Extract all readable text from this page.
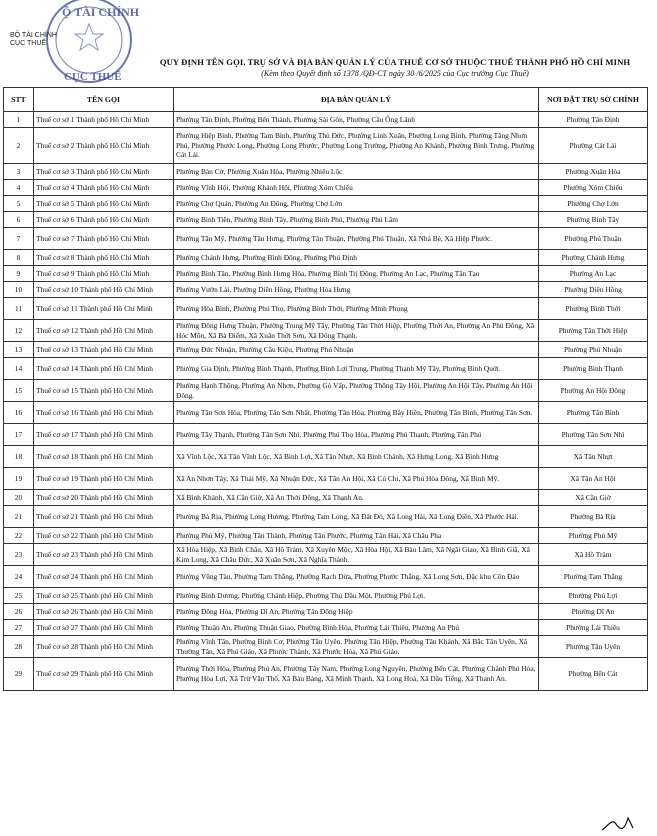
Ộ TÀI CHÍNH
CỤC THUẾ
BỘ TÀI CHÍNH
CỤC THUẾ
QUY ĐỊNH TÊN GỌI, TRỤ SỞ VÀ ĐỊA BÀN QUẢN LÝ CỦA THUẾ CƠ SỞ THUỘC THUẾ THÀNH PHỐ HỒ CHÍ MINH
(Kèm theo Quyết định số 1378 /QĐ-CT ngày 30 /6/2025 của Cục trưởng Cục Thuế)
STT	TÊN GỌI	ĐỊA BÀN QUẢN LÝ	NƠI ĐẶT TRỤ SỞ CHÍNH
1	Thuế cơ sở 1 Thành phố Hồ Chí Minh	Phường Tân Định, Phường Bến Thành, Phường Sài Gòn, Phường Cầu Ông Lãnh	Phường Tân Định
2	Thuế cơ sở 2 Thành phố Hồ Chí Minh	Phường Hiệp Bình, Phường Tam Bình, Phường Thủ Đức, Phường Linh Xuân, Phường Long Bình, Phường Tăng Nhơn Phú, Phường Phước Long, Phường Long Phước, Phường Long Trường, Phường An Khánh, Phường Bình Trưng, Phường Cát Lái.	Phường Cát Lái
3	Thuế cơ sở 3 Thành phố Hồ Chí Minh	Phường Bàn Cờ, Phường Xuân Hòa, Phường Nhiêu Lộc	Phường Xuân Hòa
4	Thuế cơ sở 4 Thành phố Hồ Chí Minh	Phường Vĩnh Hội, Phường Khánh Hội, Phường Xóm Chiếu	Phường Xóm Chiếu
5	Thuế cơ sở 5 Thành phố Hồ Chí Minh	Phường Chợ Quán, Phường An Đông, Phường Chợ Lớn	Phường Chợ Lớn
6	Thuế cơ sở 6 Thành phố Hồ Chí Minh	Phường Bình Tiên, Phường Bình Tây, Phường Bình Phú, Phường Phú Lâm	Phường Bình Tây
7	Thuế cơ sở 7 Thành phố Hồ Chí Minh	Phường Tân Mỹ, Phường Tân Hưng, Phường Tân Thuận, Phường Phú Thuận, Xã Nhà Bè, Xã Hiệp Phước.	Phường Phú Thuận
8	Thuế cơ sở 8 Thành phố Hồ Chí Minh	Phường Chánh Hưng, Phường Bình Đông, Phường Phú Định	Phường Chánh Hưng
9	Thuế cơ sở 9 Thành phố Hồ Chí Minh	Phường Bình Tân, Phường Bình Hưng Hòa, Phường Bình Trị Đông, Phường An Lạc, Phường Tân Tạo	Phường An Lạc
10	Thuế cơ sở 10 Thành phố Hồ Chí Minh	Phường Vườn Lài, Phường Diên Hồng, Phường Hòa Hưng	Phường Diên Hồng
11	Thuế cơ sở 11 Thành phố Hồ Chí Minh	Phường Hòa Bình, Phường Phú Thọ, Phường Bình Thới, Phường Minh Phụng	Phường Bình Thới
12	Thuế cơ sở 12 Thành phố Hồ Chí Minh	Phường Đông Hưng Thuận, Phường Trung Mỹ Tây, Phường Tân Thới Hiệp, Phường Thới An, Phường An Phú Đông, Xã Hóc Môn, Xã Bà Điểm, Xã Xuân Thới Sơn, Xã Đông Thạnh.	Phường Tân Thới Hiệp
13	Thuế cơ sở 13 Thành phố Hồ Chí Minh	Phường Đức Nhuận, Phường Cầu Kiệu, Phường Phú Nhuận	Phường Phú Nhuận
14	Thuế cơ sở 14 Thành phố Hồ Chí Minh	Phường Gia Định, Phường Bình Thạnh, Phường Bình Lợi Trung, Phường Thạnh Mỹ Tây, Phường Bình Quới.	Phường Bình Thạnh
15	Thuế cơ sở 15 Thành phố Hồ Chí Minh	Phường Hạnh Thông, Phường An Nhơn, Phường Gò Vấp, Phường Thông Tây Hội, Phường An Hội Tây, Phường An Hội Đông.	Phường An Hội Đông
16	Thuế cơ sở 16 Thành phố Hồ Chí Minh	Phường Tân Sơn Hòa, Phường Tân Sơn Nhất, Phường Tân Hòa, Phường Bảy Hiền, Phường Tân Bình, Phường Tân Sơn.	Phường Tân Bình
17	Thuế cơ sở 17 Thành phố Hồ Chí Minh	Phường Tây Thạnh, Phường Tân Sơn Nhì, Phường Phú Thọ Hòa, Phường Phú Thạnh, Phường Tân Phú	Phường Tân Sơn Nhì
18	Thuế cơ sở 18 Thành phố Hồ Chí Minh	Xã Vĩnh Lộc, Xã Tân Vĩnh Lộc, Xã Bình Lợi, Xã Tân Nhựt, Xã Bình Chánh, Xã Hưng Long, Xã Bình Hưng	Xã Tân Nhựt
19	Thuế cơ sở 19 Thành phố Hồ Chí Minh	Xã An Nhơn Tây, Xã Thái Mỹ, Xã Nhuận Đức, Xã Tân An Hội, Xã Củ Chi, Xã Phú Hòa Đông, Xã Bình Mỹ.	Xã Tân An Hội
20	Thuế cơ sở 20 Thành phố Hồ Chí Minh	Xã Bình Khánh, Xã Cần Giờ, Xã An Thới Đông, Xã Thạnh An.	Xã Cần Giờ
21	Thuế cơ sở 21 Thành phố Hồ Chí Minh	Phường Bà Rịa, Phường Long Hương, Phường Tam Long, Xã Đất Đỏ, Xã Long Hải, Xã Long Điền, Xã Phước Hải.	Phường Bà Rịa
22	Thuế cơ sở 22 Thành phố Hồ Chí Minh	Phường Phú Mỹ, Phường Tân Thành, Phường Tân Phước, Phường Tân Hải, Xã Châu Pha	Phường Phú Mỹ
23	Thuế cơ sở 23 Thành phố Hồ Chí Minh	Xã Hòa Hiệp, Xã Bình Châu, Xã Hồ Tràm, Xã Xuyên Mộc, Xã Hòa Hội, Xã Bàu Lâm, Xã Ngãi Giao, Xã Bình Giã, Xã Kim Long, Xã Châu Đức, Xã Xuân Sơn, Xã Nghĩa Thành.	Xã Hồ Tràm
24	Thuế cơ sở 24 Thành phố Hồ Chí Minh	Phường Vũng Tàu, Phường Tam Thắng, Phường Rạch Dừa, Phường Phước Thắng, Xã Long Sơn, Đặc khu Côn Đảo	Phường Tam Thắng
25	Thuế cơ sở 25 Thành phố Hồ Chí Minh	Phường Bình Dương, Phường Chánh Hiệp, Phường Thủ Dầu Một, Phường Phú Lợi.	Phường Phú Lợi
26	Thuế cơ sở 26 Thành phố Hồ Chí Minh	Phường Đông Hòa, Phường Dĩ An, Phường Tân Đông Hiệp	Phường Dĩ An
27	Thuế cơ sở 27 Thành phố Hồ Chí Minh	Phường Thuận An, Phường Thuận Giao, Phường Bình Hòa, Phường Lái Thiêu, Phường An Phú	Phường Lái Thiêu
28	Thuế cơ sở 28 Thành phố Hồ Chí Minh	Phường Vĩnh Tân, Phường Bình Cơ, Phường Tân Uyên, Phường Tân Hiệp, Phường Tân Khánh, Xã Bắc Tân Uyên, Xã Thường Tân, Xã Phú Giáo, Xã Phước Thành, Xã Phước Hòa, Xã Phú Giáo.	Phường Tân Uyên
29	Thuế cơ sở 29 Thành phố Hồ Chí Minh	Phường Thới Hòa, Phường Phú An, Phường Tây Nam, Phường Long Nguyên, Phường Bến Cát, Phường Chánh Phú Hòa, Phường Hòa Lợi, Xã Trừ Văn Thố, Xã Bàu Bàng, Xã Minh Thạnh, Xã Long Hoà, Xã Dầu Tiếng, Xã Thanh An.	Phường Bến Cát
